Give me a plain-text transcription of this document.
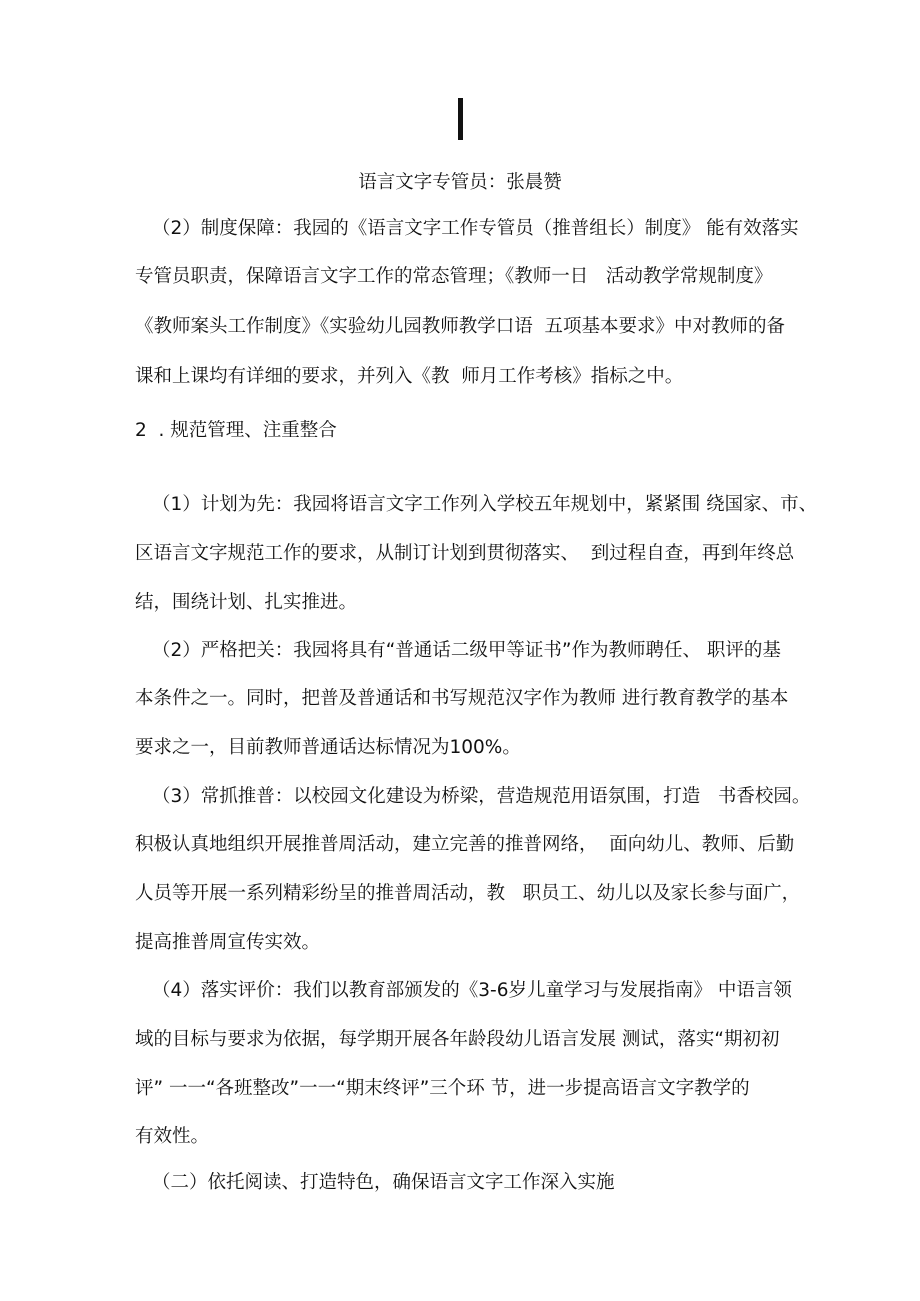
语言文字专管员：张晨赞
（2）制度保障：我园的《语言文字工作专管员（推普组长）制度》 能有效落实
专管员职责，保障语言文字工作的常态管理；《教师一日   活动教学常规制度》
《教师案头工作制度》《实验幼儿园教师教学口语  五项基本要求》中对教师的备
课和上课均有详细的要求，并列入《教  师月工作考核》指标之中。
2  . 规范管理、注重整合
（1）计划为先：我园将语言文字工作列入学校五年规划中，紧紧围 绕国家、市、
区语言文字规范工作的要求，从制订计划到贯彻落实、  到过程自查，再到年终总
结，围绕计划、扎实推进。
（2）严格把关：我园将具有“普通话二级甲等证书”作为教师聘任、 职评的基
本条件之一。同时，把普及普通话和书写规范汉字作为教师 进行教育教学的基本
要求之一，目前教师普通话达标情况为100%。
（3）常抓推普：以校园文化建设为桥梁，营造规范用语氛围，打造   书香校园。
积极认真地组织开展推普周活动，建立完善的推普网络，  面向幼儿、教师、后勤
人员等开展一系列精彩纷呈的推普周活动，教   职员工、幼儿以及家长参与面广，
提高推普周宣传实效。
（4）落实评价：我们以教育部颁发的《3-6岁儿童学习与发展指南》 中语言领
域的目标与要求为依据，每学期开展各年龄段幼儿语言发展 测试，落实“期初初
评” 一一“各班整改”一一“期末终评”三个环 节，进一步提高语言文字教学的
有效性。
（二）依托阅读、打造特色，确保语言文字工作深入实施
